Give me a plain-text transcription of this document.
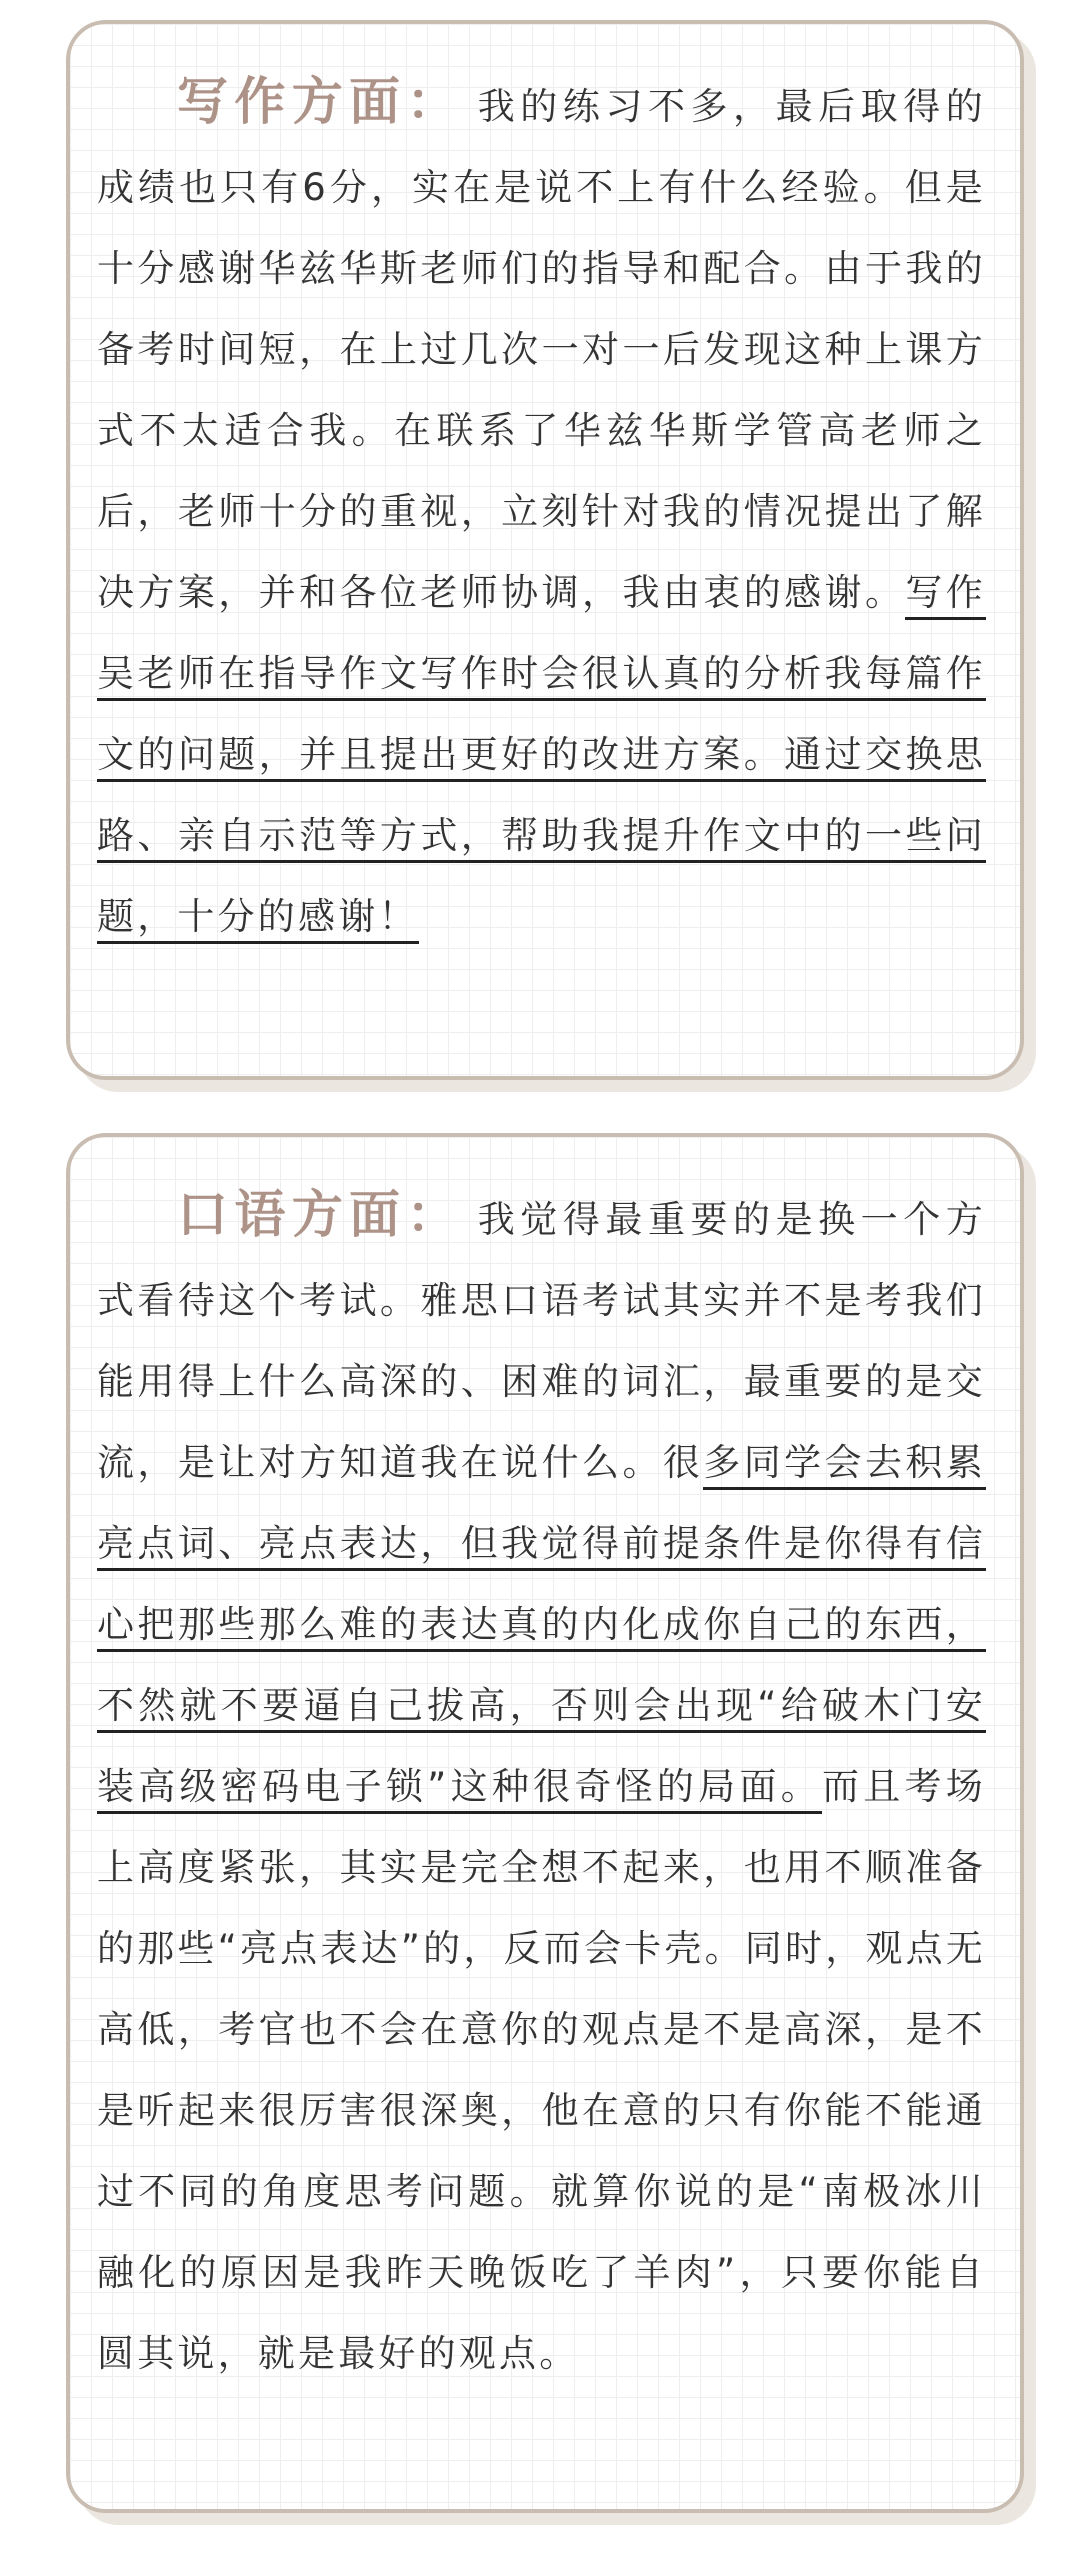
写作方面： 我的练习不多，最后取得的成绩也只有6分，实在是说不上有什么经验。但是十分感谢华兹华斯老师们的指导和配合。由于我的备考时间短，在上过几次一对一后发现这种上课方式不太适合我。在联系了华兹华斯学管高老师之后，老师十分的重视，立刻针对我的情况提出了解决方案，并和各位老师协调，我由衷的感谢。写作吴老师在指导作文写作时会很认真的分析我每篇作文的问题，并且提出更好的改进方案。通过交换思路、亲自示范等方式，帮助我提升作文中的一些问题，十分的感谢！

口语方面： 我觉得最重要的是换一个方式看待这个考试。雅思口语考试其实并不是考我们能用得上什么高深的、困难的词汇，最重要的是交流，是让对方知道我在说什么。很多同学会去积累亮点词、亮点表达，但我觉得前提条件是你得有信心把那些那么难的表达真的内化成你自己的东西，不然就不要逼自己拔高，否则会出现“给破木门安装高级密码电子锁”这种很奇怪的局面。而且考场上高度紧张，其实是完全想不起来，也用不顺准备的那些“亮点表达”的，反而会卡壳。同时，观点无高低，考官也不会在意你的观点是不是高深，是不是听起来很厉害很深奥，他在意的只有你能不能通过不同的角度思考问题。就算你说的是“南极冰川融化的原因是我昨天晚饭吃了羊肉”，只要你能自圆其说，就是最好的观点。
